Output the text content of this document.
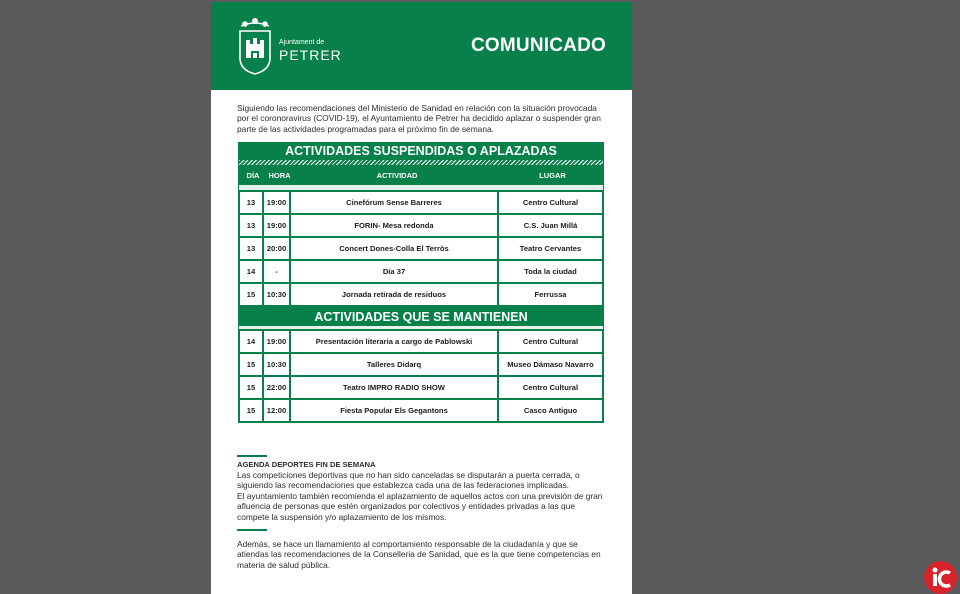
Ajuntament de
PETRER	COMUNICADO
Siguiendo las recomendaciones del Ministerio de Sanidad en relación con la situación provocada por el coronoravirus (COVID-19), el Ayuntamiento de Petrer ha decidido aplazar o suspender gran parte de las actividades programadas para el próximo fin de semana.
ACTIVIDADES SUSPENDIDAS O APLAZADAS
DÍA	HORA	ACTIVIDAD	LUGAR
13	19:00	Cinefórum Sense Barreres	Centro Cultural
13	19:00	FORIN- Mesa redonda	C.S. Juan Millá
13	20:00	Concert Dones-Colla El Terròs	Teatro Cervantes
14	-	Día 37	Toda la ciudad
15	10:30	Jornada retirada de residuos	Ferrussa
ACTIVIDADES QUE SE MANTIENEN
14	19:00	Presentación literaria a cargo de Pablowski	Centro Cultural
15	10:30	Talleres Didarq	Museo Dámaso Navarro
15	22:00	Teatro IMPRO RADIO SHOW	Centro Cultural
15	12:00	Fiesta Popular Els Gegantons	Casco Antiguo
AGENDA DEPORTES FIN DE SEMANA
Las competiciones deportivas que no han sido canceladas se disputarán a puerta cerrada, o siguiendo las recomendaciones que establezca cada una de las federaciones implicadas.
El ayuntamiento también recomienda el aplazamiento de aquellos actos con una previsión de gran afluencia de personas que estén organizados por colectivos y entidades privadas a las que compete la suspensión y/o aplazamiento de los mismos.
Además, se hace un llamamiento al comportamiento responsable de la ciudadanía y que se atiendas las recomendaciones de la Conselleria de Sanidad, que es la que tiene competencias en materia de salud pública.
